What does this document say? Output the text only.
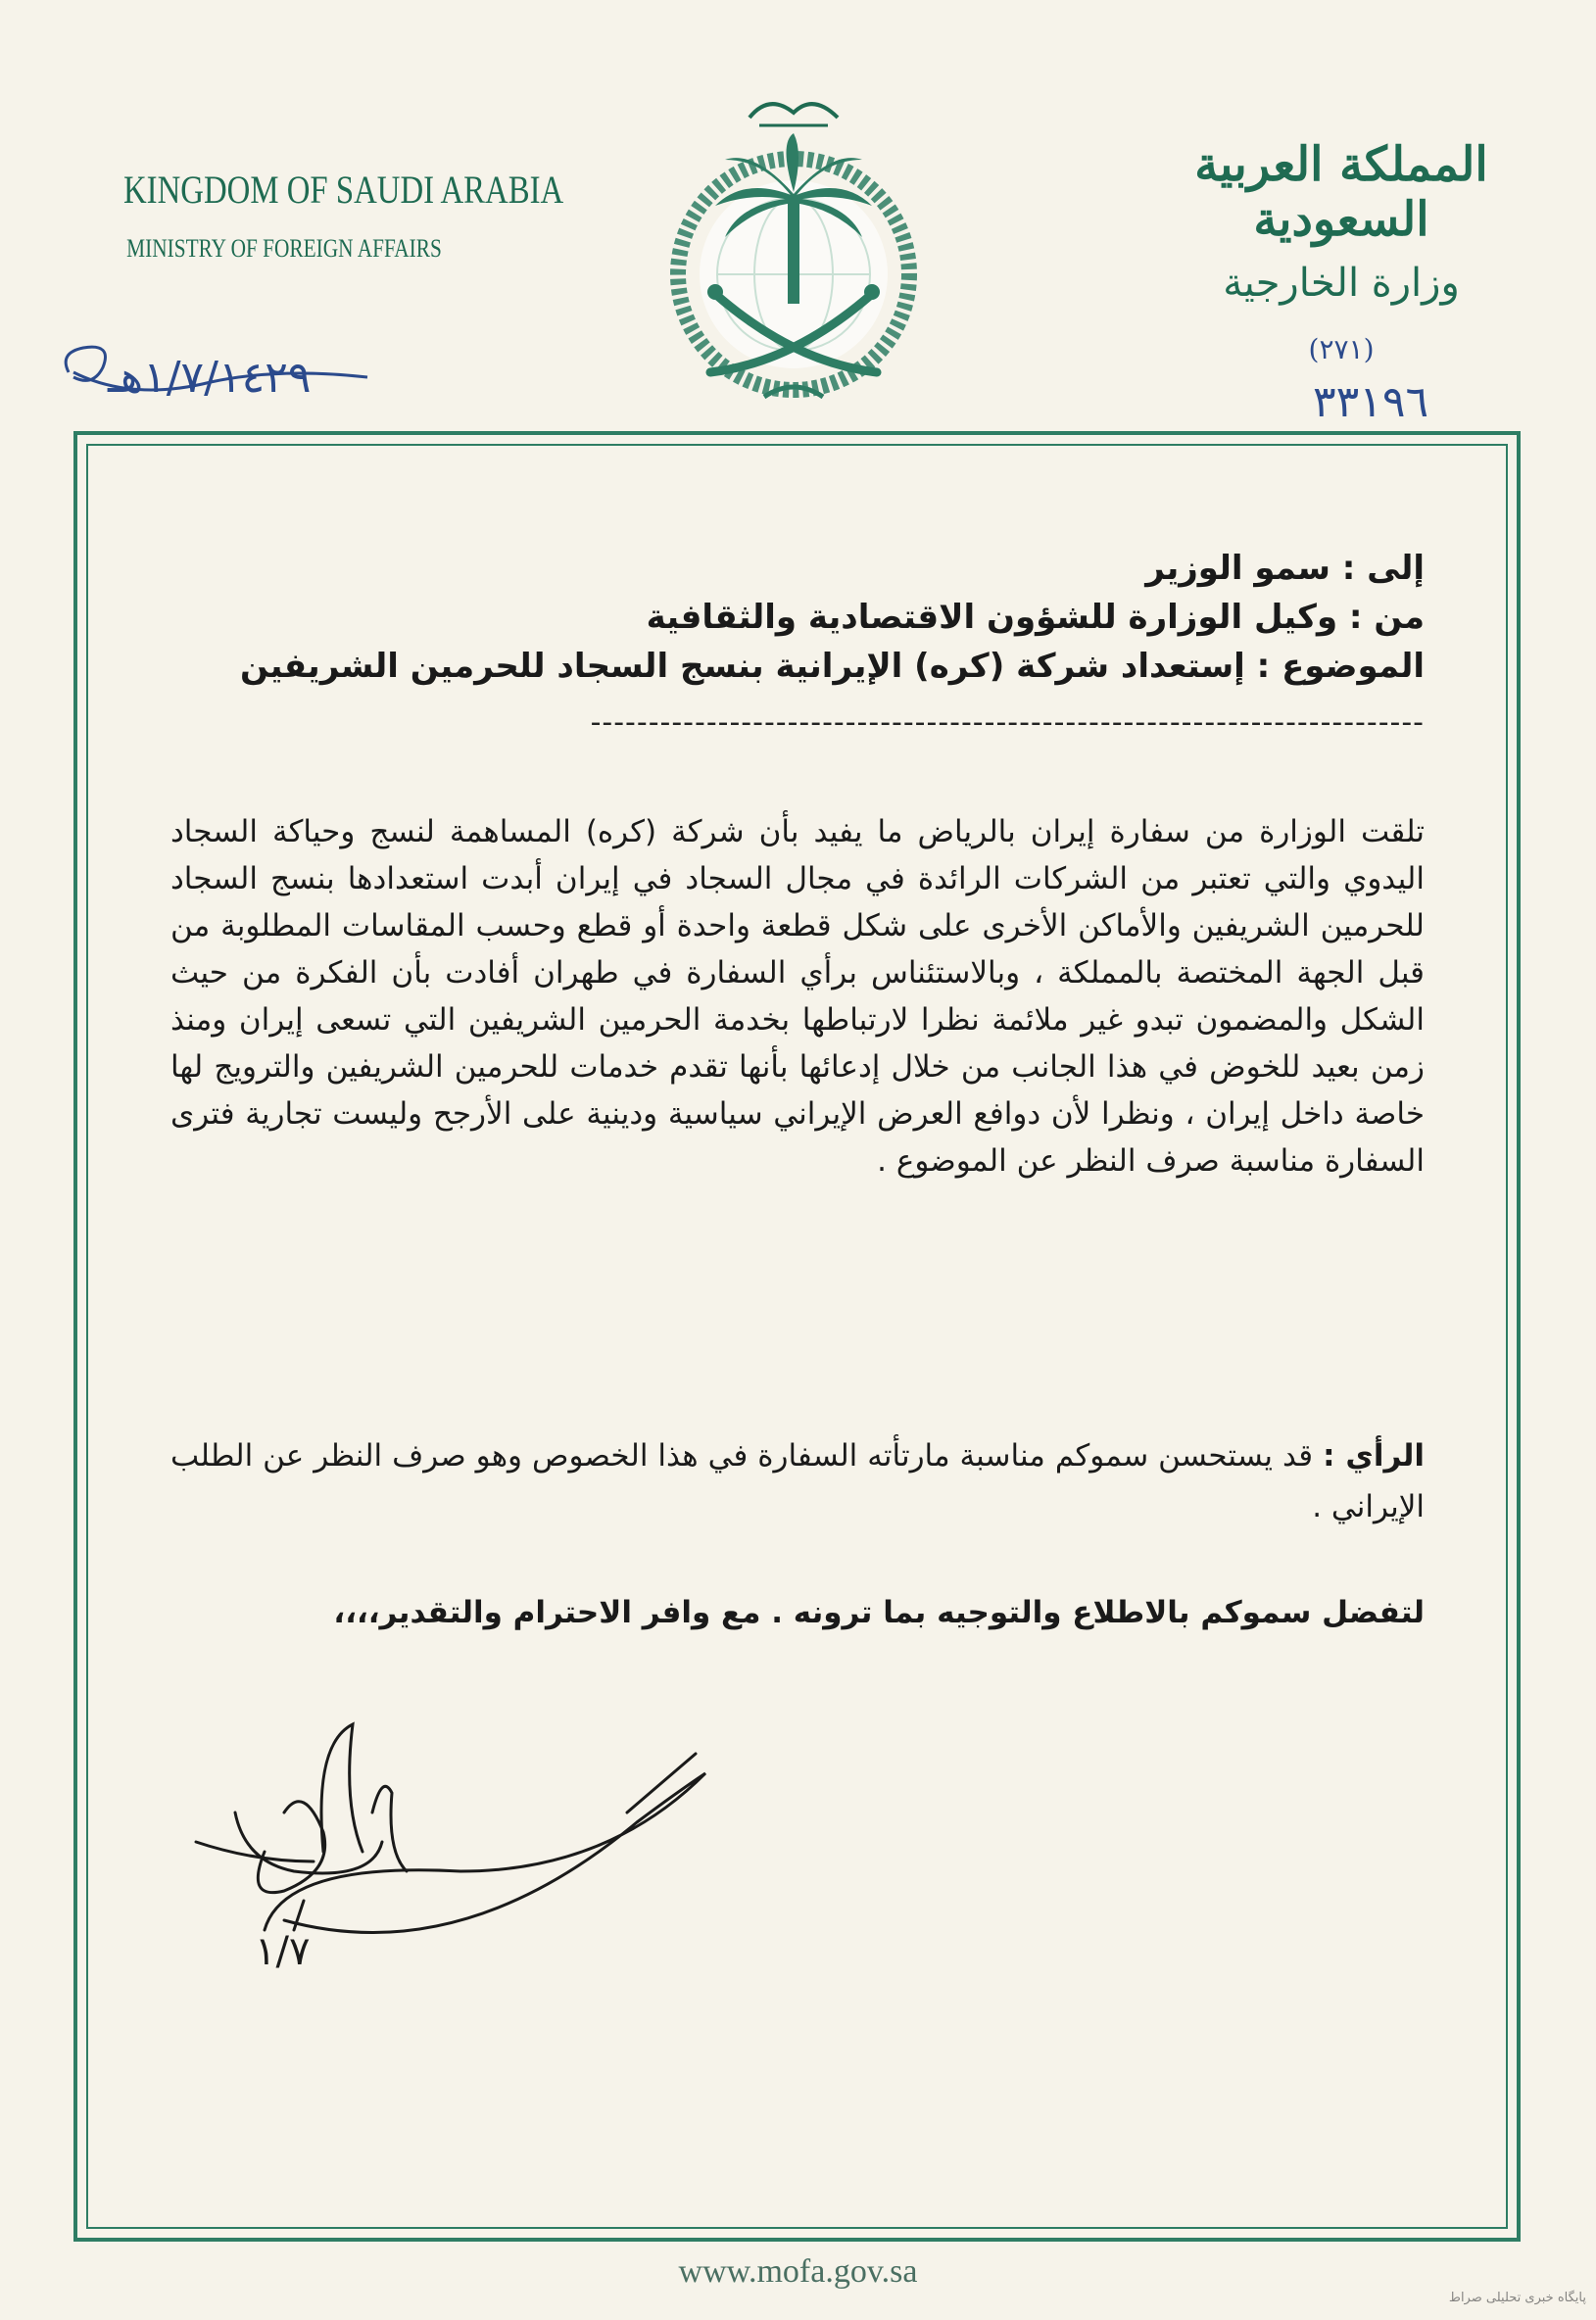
KINGDOM OF SAUDI ARABIA
MINISTRY OF FOREIGN AFFAIRS
المملكة العربية السعودية
وزارة الخارجية
(٢٧١)
١/٧/١٤٢٩هـ	٣٣١٩٦
إلى : سمو الوزير
من : وكيل الوزارة للشؤون الاقتصادية والثقافية
الموضوع : إستعداد شركة (كره) الإيرانية بنسج السجاد للحرمين الشريفين
------------------------------------------------------------------------
تلقت الوزارة من سفارة إيران بالرياض ما يفيد بأن شركة (كره) المساهمة لنسج وحياكة السجاد اليدوي والتي تعتبر من الشركات الرائدة في مجال السجاد في إيران أبدت استعدادها بنسج السجاد للحرمين الشريفين والأماكن الأخرى على شكل قطعة واحدة أو قطع وحسب المقاسات المطلوبة من قبل الجهة المختصة بالمملكة ، وبالاستئناس برأي السفارة في طهران أفادت بأن الفكرة من حيث الشكل والمضمون تبدو غير ملائمة نظرا لارتباطها بخدمة الحرمين الشريفين التي تسعى إيران ومنذ زمن بعيد للخوض في هذا الجانب من خلال إدعائها بأنها تقدم خدمات للحرمين الشريفين والترويج لها خاصة داخل إيران ، ونظرا لأن دوافع العرض الإيراني سياسية ودينية على الأرجح وليست تجارية فترى السفارة مناسبة صرف النظر عن الموضوع .
الرأي : قد يستحسن سموكم مناسبة مارتأته السفارة في هذا الخصوص وهو صرف النظر عن الطلب الإيراني .
لتفضل سموكم بالاطلاع والتوجيه بما ترونه . مع وافر الاحترام والتقدير،،،،
١/٧
www.mofa.gov.sa
پایگاه خبری تحلیلی صراط
